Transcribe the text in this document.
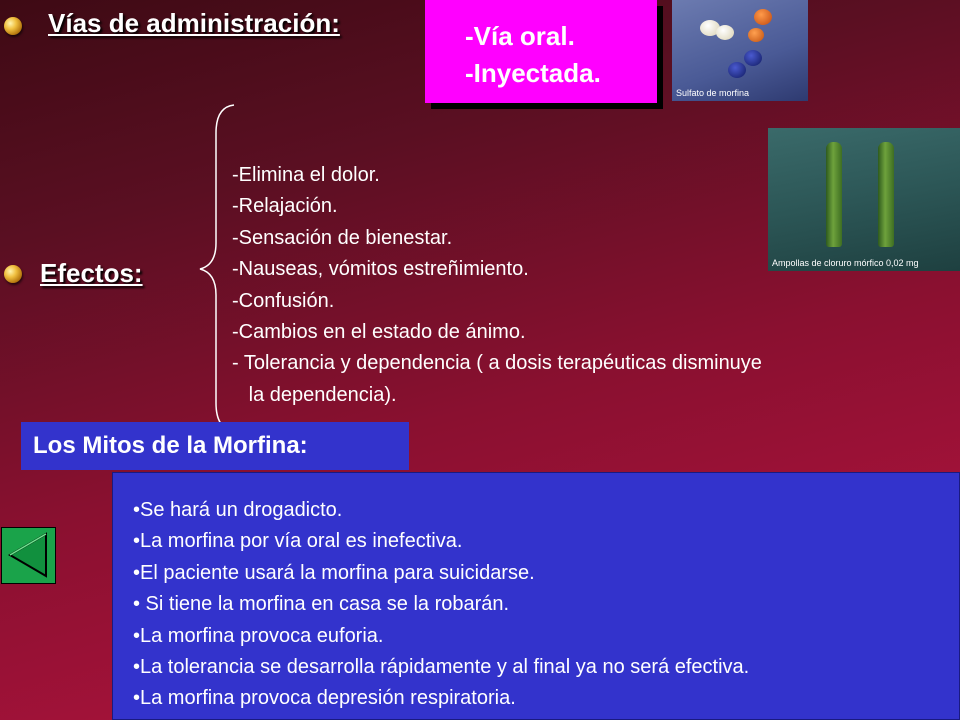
Vías de administración:	-Vía oral.
-Inyectada.
Sulfato de morfina
Ampollas de cloruro mórfico 0,02 mg
Efectos:
-Elimina el dolor.
-Relajación.
-Sensación de bienestar.
-Nauseas, vómitos estreñimiento.
-Confusión.
-Cambios en el estado de ánimo.
- Tolerancia y dependencia ( a dosis terapéuticas disminuye
la dependencia).
Los Mitos de la Morfina:
•Se hará un drogadicto.
•La morfina por vía oral es inefectiva.
•El paciente usará la morfina para suicidarse.
• Si tiene la morfina en casa se la robarán.
•La morfina provoca euforia.
•La tolerancia se desarrolla rápidamente y al final ya no será efectiva.
•La morfina provoca depresión respiratoria.
